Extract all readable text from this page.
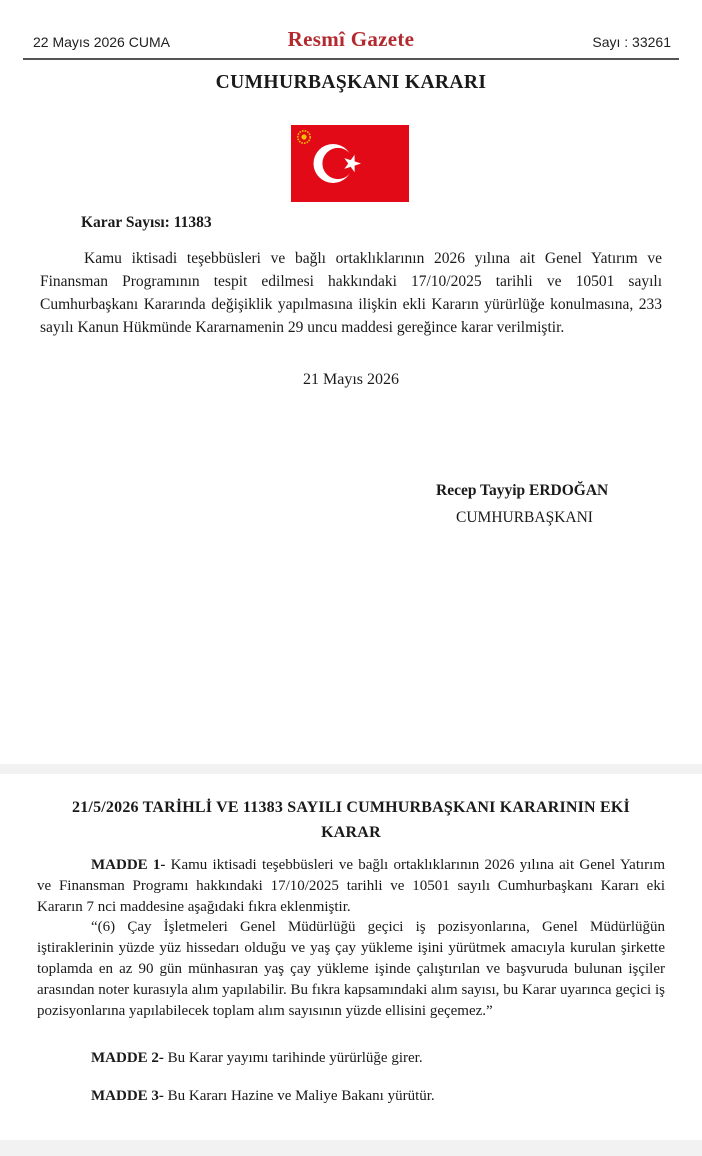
22 Mayıs 2026 CUMA	Resmî Gazete	Sayı : 33261
CUMHURBAŞKANI KARARI
Karar Sayısı: 11383
Kamu iktisadi teşebbüsleri ve bağlı ortaklıklarının 2026 yılına ait Genel Yatırım ve Finansman Programının tespit edilmesi hakkındaki 17/10/2025 tarihli ve 10501 sayılı Cumhurbaşkanı Kararında değişiklik yapılmasına ilişkin ekli Kararın yürürlüğe konulmasına, 233 sayılı Kanun Hükmünde Kararnamenin 29 uncu maddesi gereğince karar verilmiştir.
21 Mayıs 2026
Recep Tayyip ERDOĞAN
CUMHURBAŞKANI
21/5/2026 TARİHLİ VE 11383 SAYILI CUMHURBAŞKANI KARARININ EKİ
KARAR
MADDE 1- Kamu iktisadi teşebbüsleri ve bağlı ortaklıklarının 2026 yılına ait Genel Yatırım ve Finansman Programı hakkındaki 17/10/2025 tarihli ve 10501 sayılı Cumhurbaşkanı Kararı eki Kararın 7 nci maddesine aşağıdaki fıkra eklenmiştir.
“(6) Çay İşletmeleri Genel Müdürlüğü geçici iş pozisyonlarına, Genel Müdürlüğün iştiraklerinin yüzde yüz hissedarı olduğu ve yaş çay yükleme işini yürütmek amacıyla kurulan şirkette toplamda en az 90 gün münhasıran yaş çay yükleme işinde çalıştırılan ve başvuruda bulunan işçiler arasından noter kurasıyla alım yapılabilir. Bu fıkra kapsamındaki alım sayısı, bu Karar uyarınca geçici iş pozisyonlarına yapılabilecek toplam alım sayısının yüzde ellisini geçemez.”
MADDE 2- Bu Karar yayımı tarihinde yürürlüğe girer.
MADDE 3- Bu Kararı Hazine ve Maliye Bakanı yürütür.
